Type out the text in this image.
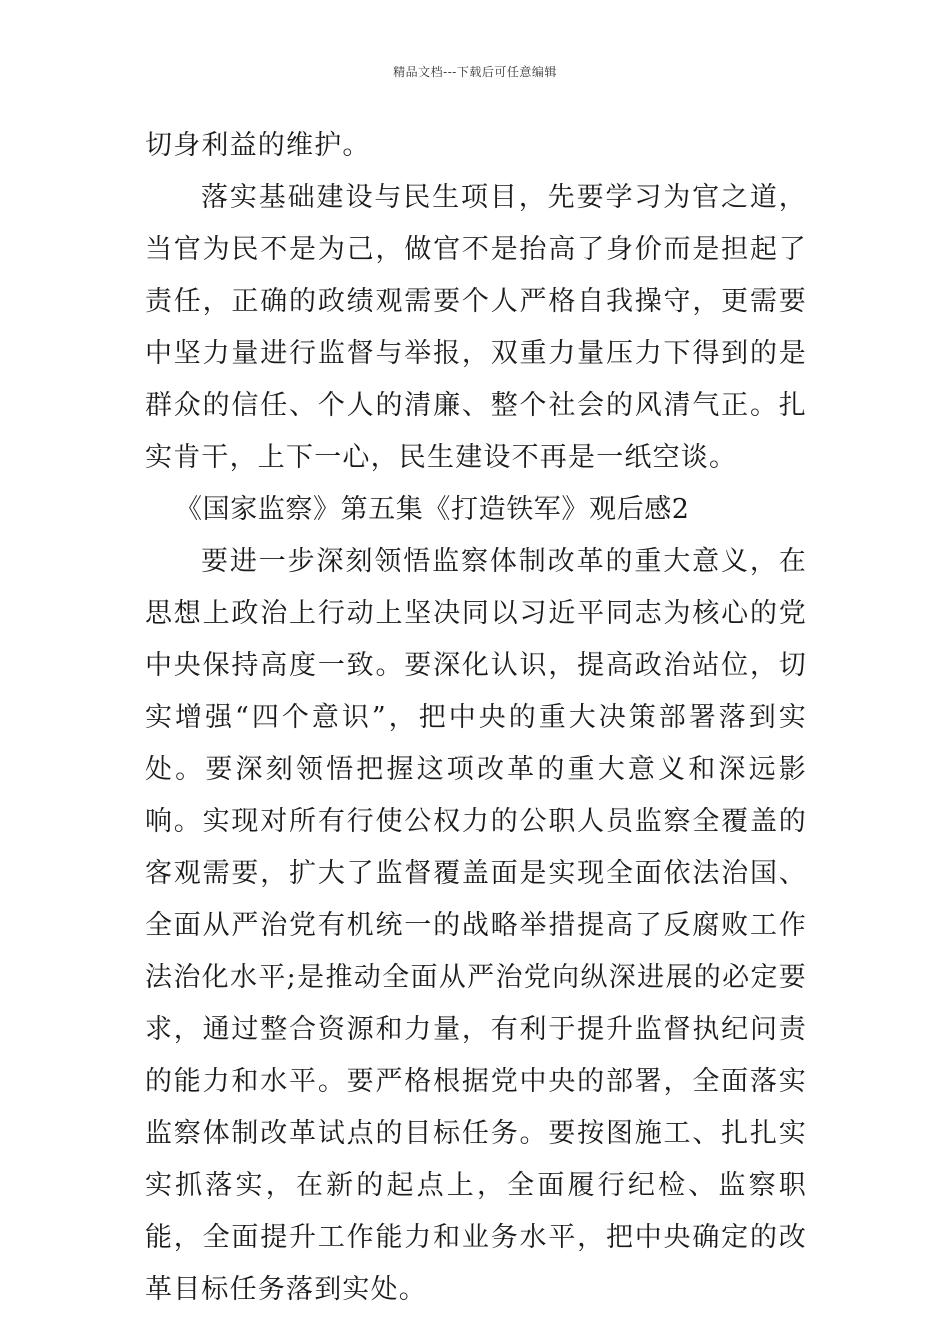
精品文档---下载后可任意编辑

切身利益的维护。

落实基础建设与民生项目，先要学习为官之道，当官为民不是为己，做官不是抬高了身价而是担起了责任，正确的政绩观需要个人严格自我操守，更需要中坚力量进行监督与举报，双重力量压力下得到的是群众的信任、个人的清廉、整个社会的风清气正。扎实肯干，上下一心，民生建设不再是一纸空谈。

《国家监察》第五集《打造铁军》观后感2

要进一步深刻领悟监察体制改革的重大意义，在思想上政治上行动上坚决同以习近平同志为核心的党中央保持高度一致。要深化认识，提高政治站位，切实增强“四个意识”，把中央的重大决策部署落到实处。要深刻领悟把握这项改革的重大意义和深远影响。实现对所有行使公权力的公职人员监察全覆盖的客观需要，扩大了监督覆盖面是实现全面依法治国、全面从严治党有机统一的战略举措提高了反腐败工作法治化水平;是推动全面从严治党向纵深进展的必定要求，通过整合资源和力量，有利于提升监督执纪问责的能力和水平。要严格根据党中央的部署，全面落实监察体制改革试点的目标任务。要按图施工、扎扎实实抓落实，在新的起点上，全面履行纪检、监察职能，全面提升工作能力和业务水平，把中央确定的改革目标任务落到实处。
